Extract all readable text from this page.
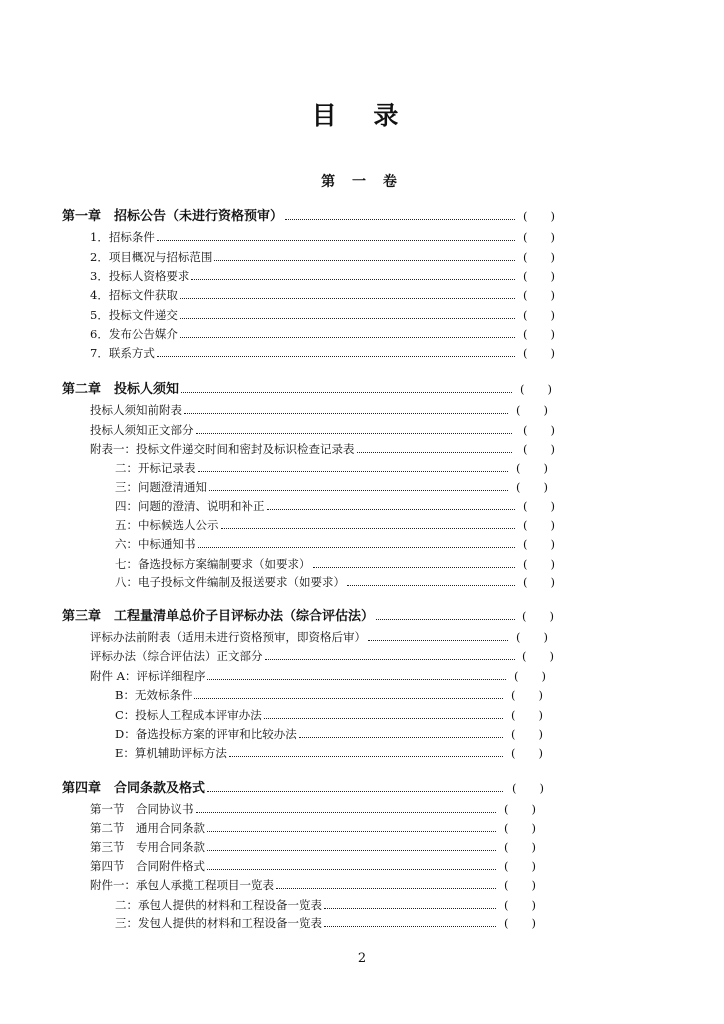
目 录
第 一 卷
第一章　招标公告（未进行资格预审）	(　　)
1．招标条件	(　　)
2．项目概况与招标范围	(　　)
3．投标人资格要求	(　　)
4．招标文件获取	(　　)
5．投标文件递交	(　　)
6．发布公告媒介	(　　)
7．联系方式	(　　)
第二章　投标人须知	(　　)
投标人须知前附表	(　　)
投标人须知正文部分	(　　)
附表一：投标文件递交时间和密封及标识检查记录表	(　　)
二：开标记录表	(　　)
三：问题澄清通知	(　　)
四：问题的澄清、说明和补正	(　　)
五：中标候选人公示	(　　)
六：中标通知书	(　　)
七：备选投标方案编制要求（如要求）	(　　)
八：电子投标文件编制及报送要求（如要求）	(　　)
第三章　工程量清单总价子目评标办法（综合评估法）	(　　)
评标办法前附表（适用未进行资格预审，即资格后审）	(　　)
评标办法（综合评估法）正文部分	(　　)
附件 A：评标详细程序	(　　)
B：无效标条件	(　　)
C：投标人工程成本评审办法	(　　)
D：备选投标方案的评审和比较办法	(　　)
E：算机辅助评标方法	(　　)
第四章　合同条款及格式	(　　)
第一节　合同协议书	(　　)
第二节　通用合同条款	(　　)
第三节　专用合同条款	(　　)
第四节　合同附件格式	(　　)
附件一：承包人承揽工程项目一览表	(　　)
二：承包人提供的材料和工程设备一览表	(　　)
三：发包人提供的材料和工程设备一览表	(　　)
2
